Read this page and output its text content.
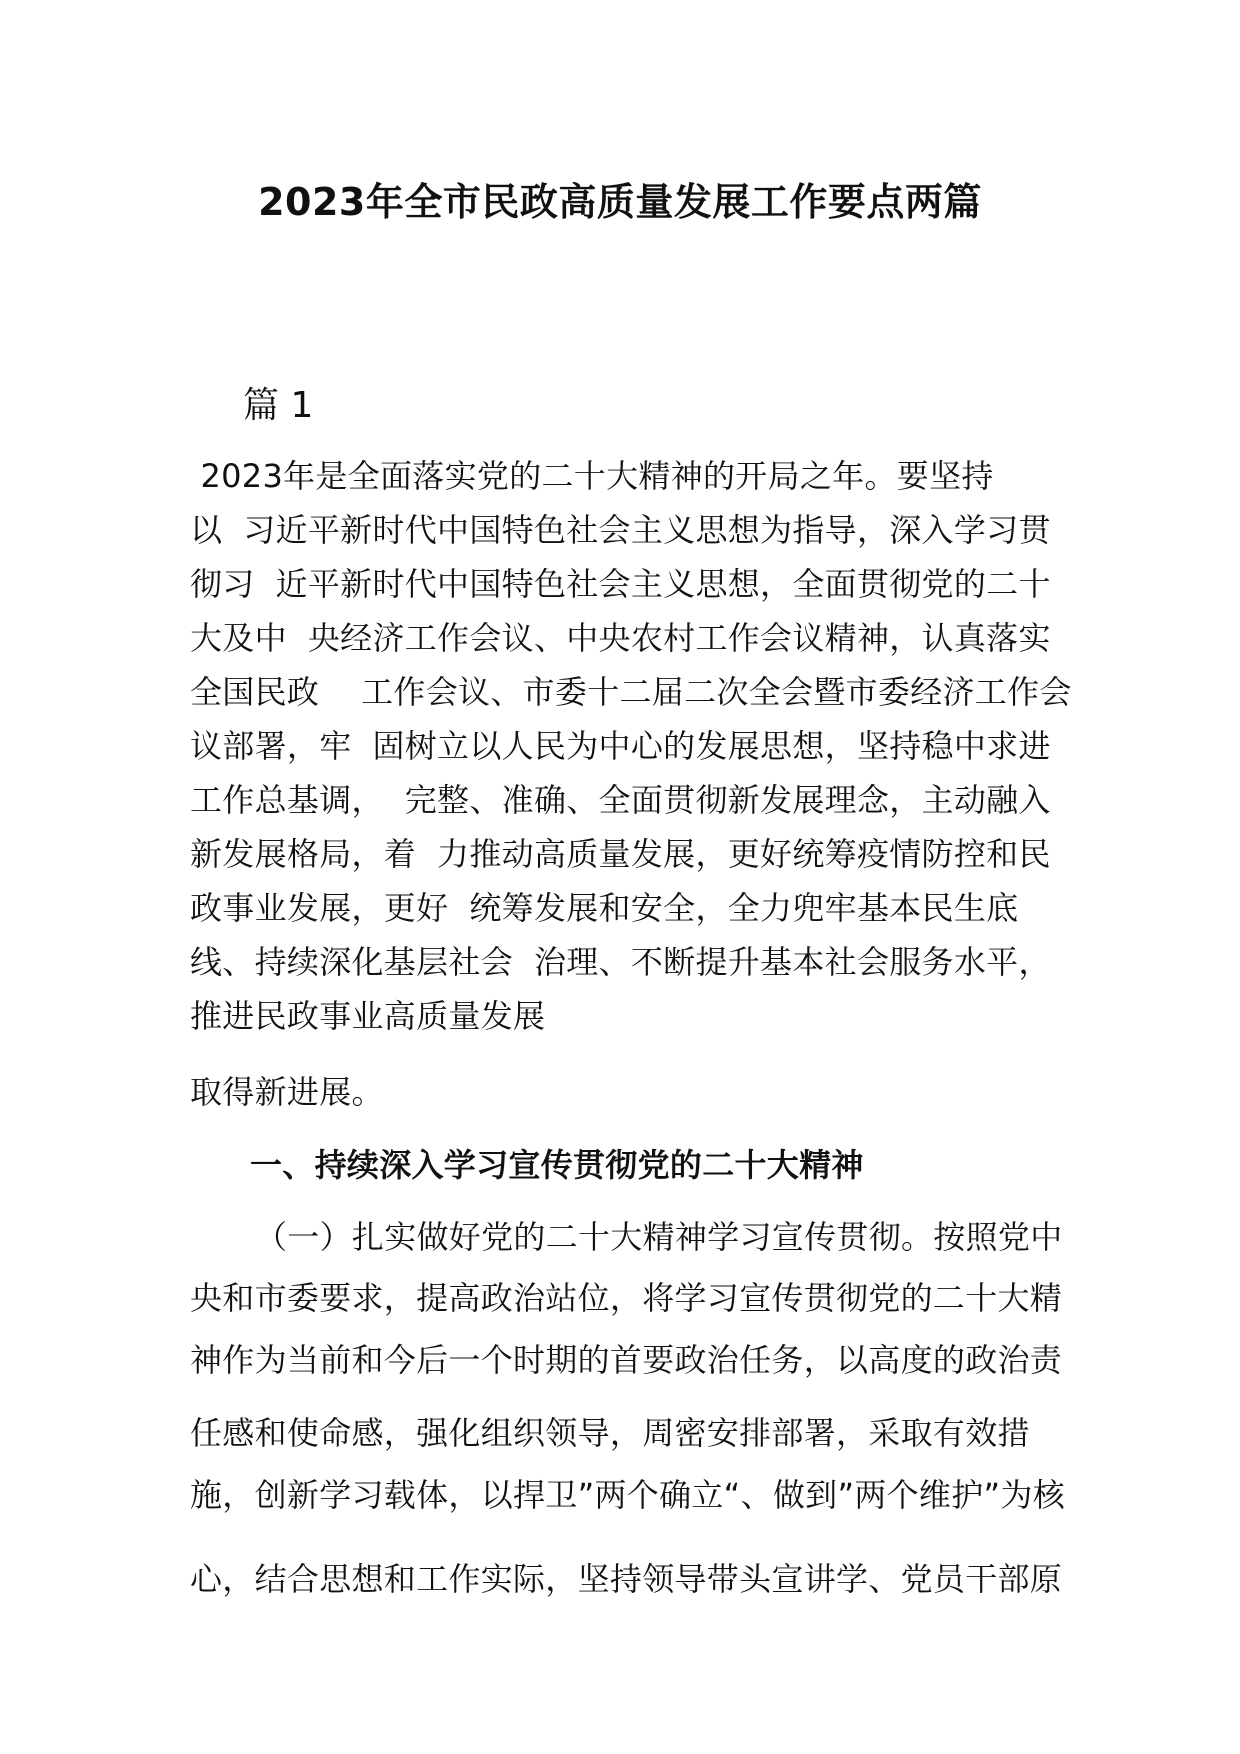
2023年全市民政高质量发展工作要点两篇
篇 1
2023年是全面落实党的二十大精神的开局之年。要坚持
以  习近平新时代中国特色社会主义思想为指导，深入学习贯
彻习  近平新时代中国特色社会主义思想，全面贯彻党的二十
大及中  央经济工作会议、中央农村工作会议精神，认真落实
全国民政    工作会议、市委十二届二次全会暨市委经济工作会
议部署，牢  固树立以人民为中心的发展思想，坚持稳中求进
工作总基调，  完整、准确、全面贯彻新发展理念，主动融入
新发展格局，着  力推动高质量发展，更好统筹疫情防控和民
政事业发展，更好  统筹发展和安全，全力兜牢基本民生底
线、持续深化基层社会  治理、不断提升基本社会服务水平，
推进民政事业高质量发展
取得新进展。
一、持续深入学习宣传贯彻党的二十大精神
（一）扎实做好党的二十大精神学习宣传贯彻。按照党中
央和市委要求，提高政治站位，将学习宣传贯彻党的二十大精
神作为当前和今后一个时期的首要政治任务，以高度的政治责
任感和使命感，强化组织领导，周密安排部署，采取有效措
施，创新学习载体，以捍卫”两个确立“、做到”两个维护”为核
心，结合思想和工作实际，坚持领导带头宣讲学、党员干部原
